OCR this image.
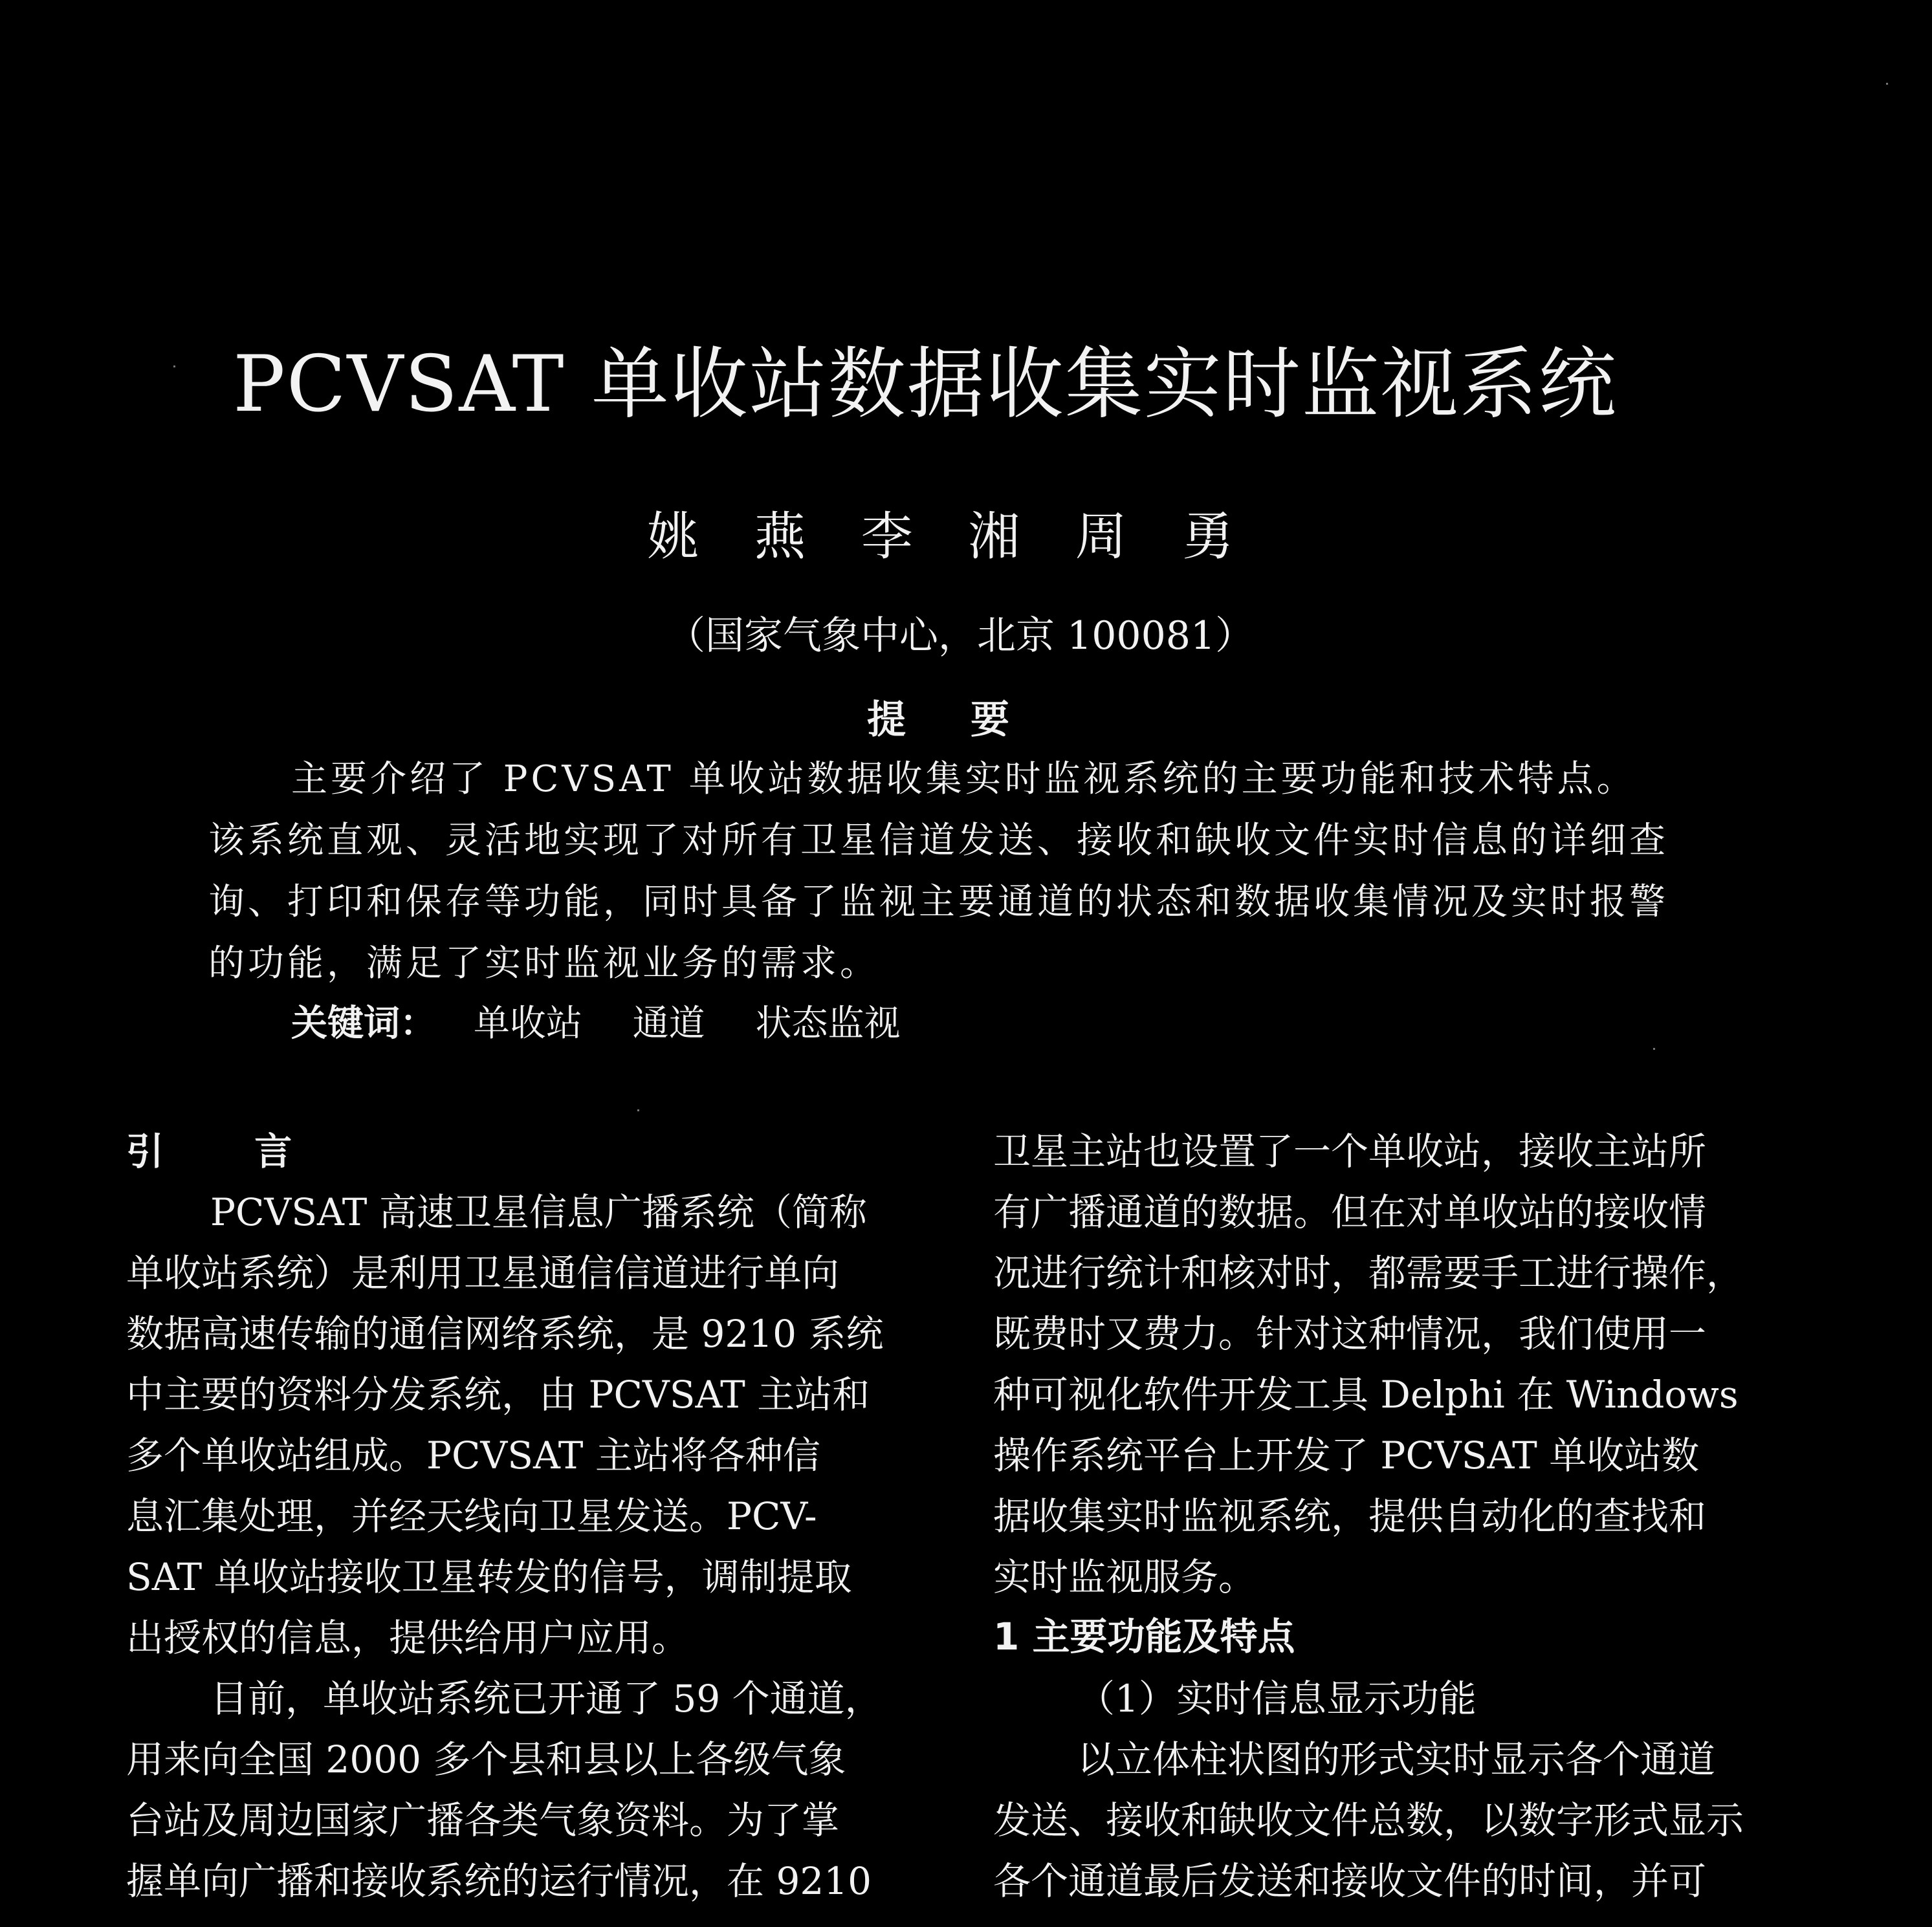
PCVSAT 单收站数据收集实时监视系统
姚 燕 李 湘 周 勇
（国家气象中心，北京 100081）
提要
主要介绍了 PCVSAT 单收站数据收集实时监视系统的主要功能和技术特点。
该系统直观、灵活地实现了对所有卫星信道发送、接收和缺收文件实时信息的详细查
询、打印和保存等功能，同时具备了监视主要通道的状态和数据收集情况及实时报警
的功能，满足了实时监视业务的需求。
关键词： 单收站 通道 状态监视
引 言
PCVSAT 高速卫星信息广播系统（简称
单收站系统）是利用卫星通信信道进行单向
数据高速传输的通信网络系统，是 9210 系统
中主要的资料分发系统，由 PCVSAT 主站和
多个单收站组成。PCVSAT 主站将各种信
息汇集处理，并经天线向卫星发送。PCV-
SAT 单收站接收卫星转发的信号，调制提取
出授权的信息，提供给用户应用。
目前，单收站系统已开通了 59 个通道，
用来向全国 2000 多个县和县以上各级气象
台站及周边国家广播各类气象资料。为了掌
握单向广播和接收系统的运行情况，在 9210
卫星主站也设置了一个单收站，接收主站所
有广播通道的数据。但在对单收站的接收情
况进行统计和核对时，都需要手工进行操作，
既费时又费力。针对这种情况，我们使用一
种可视化软件开发工具 Delphi 在 Windows
操作系统平台上开发了 PCVSAT 单收站数
据收集实时监视系统，提供自动化的查找和
实时监视服务。
1 主要功能及特点
（1）实时信息显示功能
以立体柱状图的形式实时显示各个通道
发送、接收和缺收文件总数，以数字形式显示
各个通道最后发送和接收文件的时间，并可
